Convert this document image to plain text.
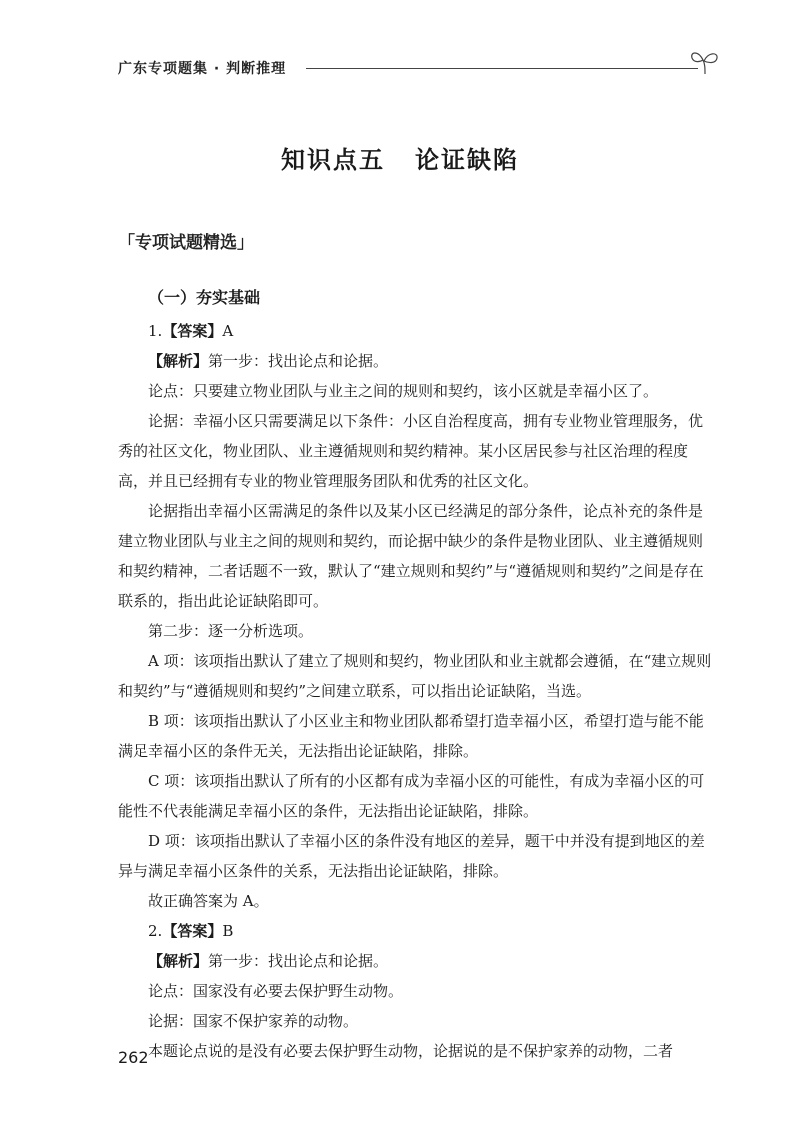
广东专项题集 · 判断推理
知识点五 论证缺陷
「专项试题精选」
（一）夯实基础

1.【答案】A

【解析】第一步：找出论点和论据。

论点：只要建立物业团队与业主之间的规则和契约，该小区就是幸福小区了。

论据：幸福小区只需要满足以下条件：小区自治程度高，拥有专业物业管理服务，优秀的社区文化，物业团队、业主遵循规则和契约精神。某小区居民参与社区治理的程度高，并且已经拥有专业的物业管理服务团队和优秀的社区文化。

论据指出幸福小区需满足的条件以及某小区已经满足的部分条件，论点补充的条件是建立物业团队与业主之间的规则和契约，而论据中缺少的条件是物业团队、业主遵循规则和契约精神，二者话题不一致，默认了“建立规则和契约”与“遵循规则和契约”之间是存在联系的，指出此论证缺陷即可。

第二步：逐一分析选项。

A 项：该项指出默认了建立了规则和契约，物业团队和业主就都会遵循，在“建立规则和契约”与“遵循规则和契约”之间建立联系，可以指出论证缺陷，当选。

B 项：该项指出默认了小区业主和物业团队都希望打造幸福小区，希望打造与能不能满足幸福小区的条件无关，无法指出论证缺陷，排除。

C 项：该项指出默认了所有的小区都有成为幸福小区的可能性，有成为幸福小区的可能性不代表能满足幸福小区的条件，无法指出论证缺陷，排除。

D 项：该项指出默认了幸福小区的条件没有地区的差异，题干中并没有提到地区的差异与满足幸福小区条件的关系，无法指出论证缺陷，排除。

故正确答案为 A。

2.【答案】B

【解析】第一步：找出论点和论据。

论点：国家没有必要去保护野生动物。

论据：国家不保护家养的动物。

本题论点说的是没有必要去保护野生动物，论据说的是不保护家养的动物，二者

262
